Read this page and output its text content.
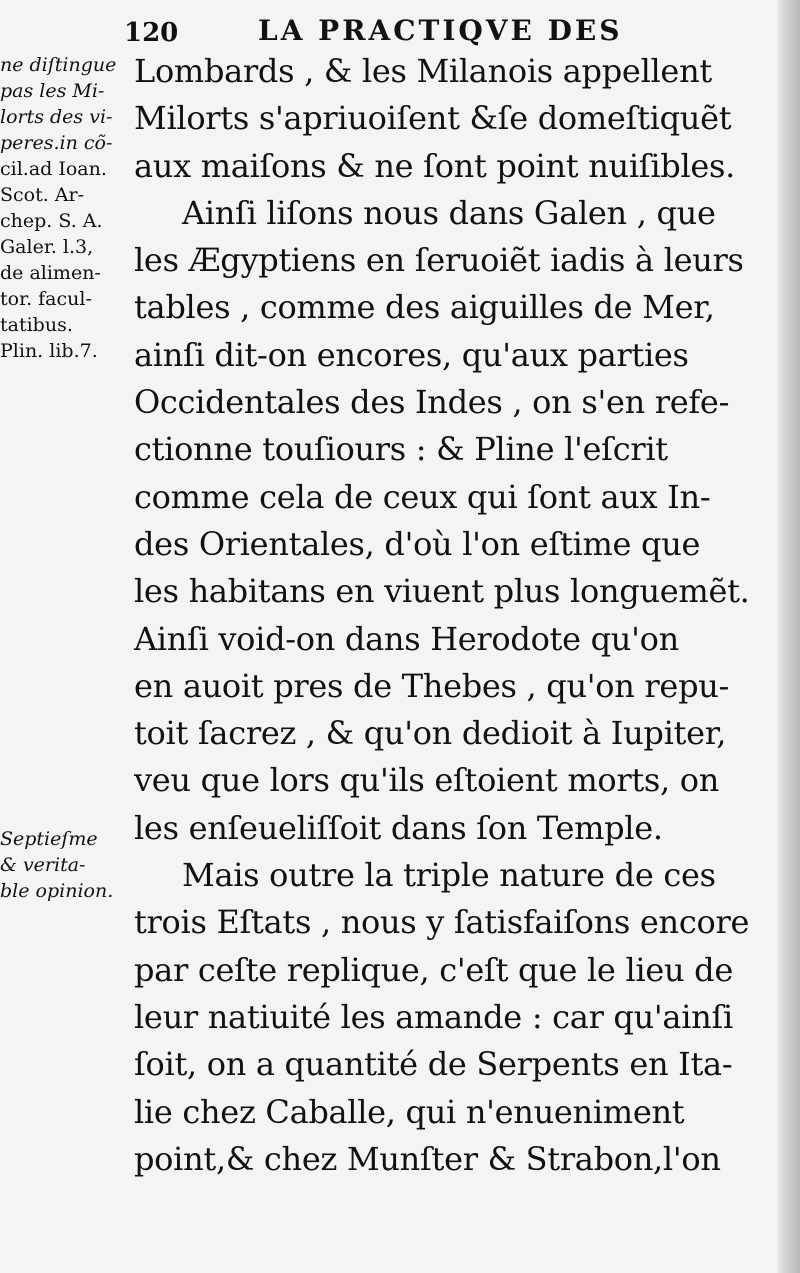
120	LA PRACTIQVE DES
ne diſtingue
pas les Mi-
lorts des vi-
peres.in cõ-
cil.ad Ioan.
Scot. Ar-
chep. S. A.
Galer. l.3,
de alimen-
tor. facul-
tatibus.
Plin. lib.7.
Septieſme
& verita-
ble opinion.
Lombards , & les Milanois appellent
Milorts s'apriuoiſent &ſe domeſtiquẽt
aux maiſons & ne ſont point nuiſibles.
Ainſi liſons nous dans Galen , que
les Ægyptiens en ſeruoiẽt iadis à leurs
tables , comme des aiguilles de Mer,
ainſi dit-on encores, qu'aux parties
Occidentales des Indes , on s'en refe-
ctionne touſiours : & Pline l'eſcrit
comme cela de ceux qui ſont aux In-
des Orientales, d'où l'on eſtime que
les habitans en viuent plus longuemẽt.
Ainſi void-on dans Herodote qu'on
en auoit pres de Thebes , qu'on repu-
toit ſacrez , & qu'on dedioit à Iupiter,
veu que lors qu'ils eſtoient morts, on
les enſeueliſſoit dans ſon Temple.
Mais outre la triple nature de ces
trois Eſtats , nous y ſatisfaiſons encore
par ceſte replique, c'eſt que le lieu de
leur natiuité les amande : car qu'ainſi
ſoit, on a quantité de Serpents en Ita-
lie chez Caballe, qui n'enueniment
point,& chez Munſter & Strabon,l'on
